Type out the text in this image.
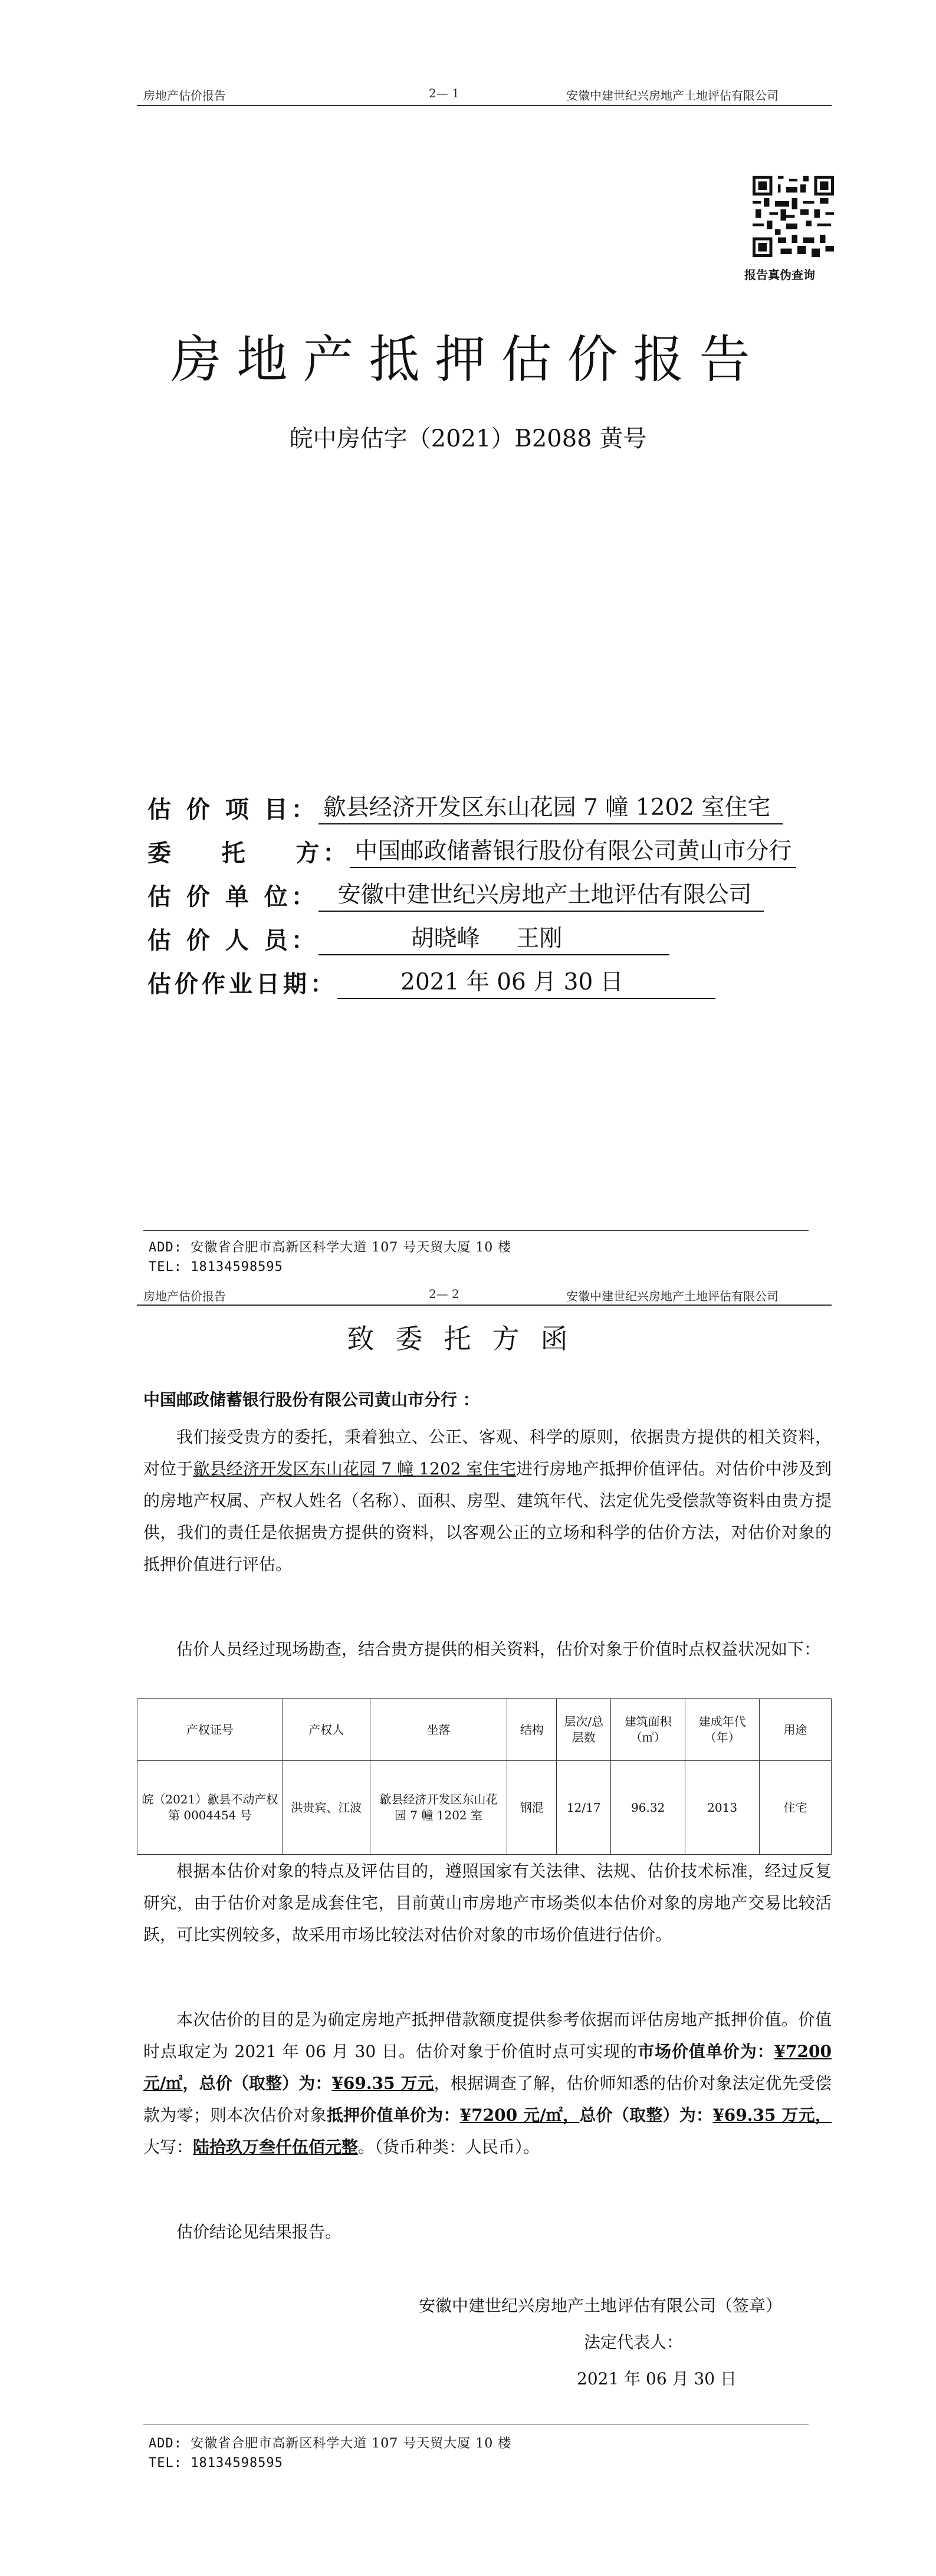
房地产估价报告	2— 1	安徽中建世纪兴房地产土地评估有限公司
报告真伪查询
房地产抵押估价报告
皖中房估字（2021）B2088 黄号
估 价 项 目： 歙县经济开发区东山花园 7 幢 1202 室住宅
委    托    方： 中国邮政储蓄银行股份有限公司黄山市分行
估 价 单 位： 安徽中建世纪兴房地产土地评估有限公司
估 价 人 员： 胡晓峰     王刚
估价作业日期： 2021 年 06 月 30 日
ADD: 安徽省合肥市高新区科学大道 107 号天贸大厦 10 楼
TEL: 18134598595
房地产估价报告	2— 2	安徽中建世纪兴房地产土地评估有限公司
致委托方函
中国邮政储蓄银行股份有限公司黄山市分行 ：
我们接受贵方的委托，秉着独立、公正、客观、科学的原则，依据贵方提供的相关资料，对位于歙县经济开发区东山花园 7 幢 1202 室住宅进行房地产抵押价值评估。对估价中涉及到的房地产权属、产权人姓名（名称）、面积、房型、建筑年代、法定优先受偿款等资料由贵方提供，我们的责任是依据贵方提供的资料，以客观公正的立场和科学的估价方法，对估价对象的抵押价值进行评估。
估价人员经过现场勘查，结合贵方提供的相关资料，估价对象于价值时点权益状况如下：
产权证号	产权人	坐落	结构	层次/总层数	建筑面积（㎡）	建成年代（年）	用途
皖（2021）歙县不动产权第 0004454 号	洪贵宾、江波	歙县经济开发区东山花园 7 幢 1202 室	钢混	12/17	96.32	2013	住宅
根据本估价对象的特点及评估目的，遵照国家有关法律、法规、估价技术标准，经过反复研究，由于估价对象是成套住宅，目前黄山市房地产市场类似本估价对象的房地产交易比较活跃，可比实例较多，故采用市场比较法对估价对象的市场价值进行估价。
本次估价的目的是为确定房地产抵押借款额度提供参考依据而评估房地产抵押价值。价值时点取定为 2021 年 06 月 30 日。估价对象于价值时点可实现的市场价值单价为：¥7200 元/㎡，总价（取整）为：¥69.35 万元，根据调查了解，估价师知悉的估价对象法定优先受偿款为零；则本次估价对象抵押价值单价为：¥7200 元/㎡，总价（取整）为：¥69.35 万元，大写：陆拾玖万叁仟伍佰元整。（货币种类：人民币）。
估价结论见结果报告。
安徽中建世纪兴房地产土地评估有限公司（签章）
法定代表人：
2021 年 06 月 30 日
ADD: 安徽省合肥市高新区科学大道 107 号天贸大厦 10 楼
TEL: 18134598595
